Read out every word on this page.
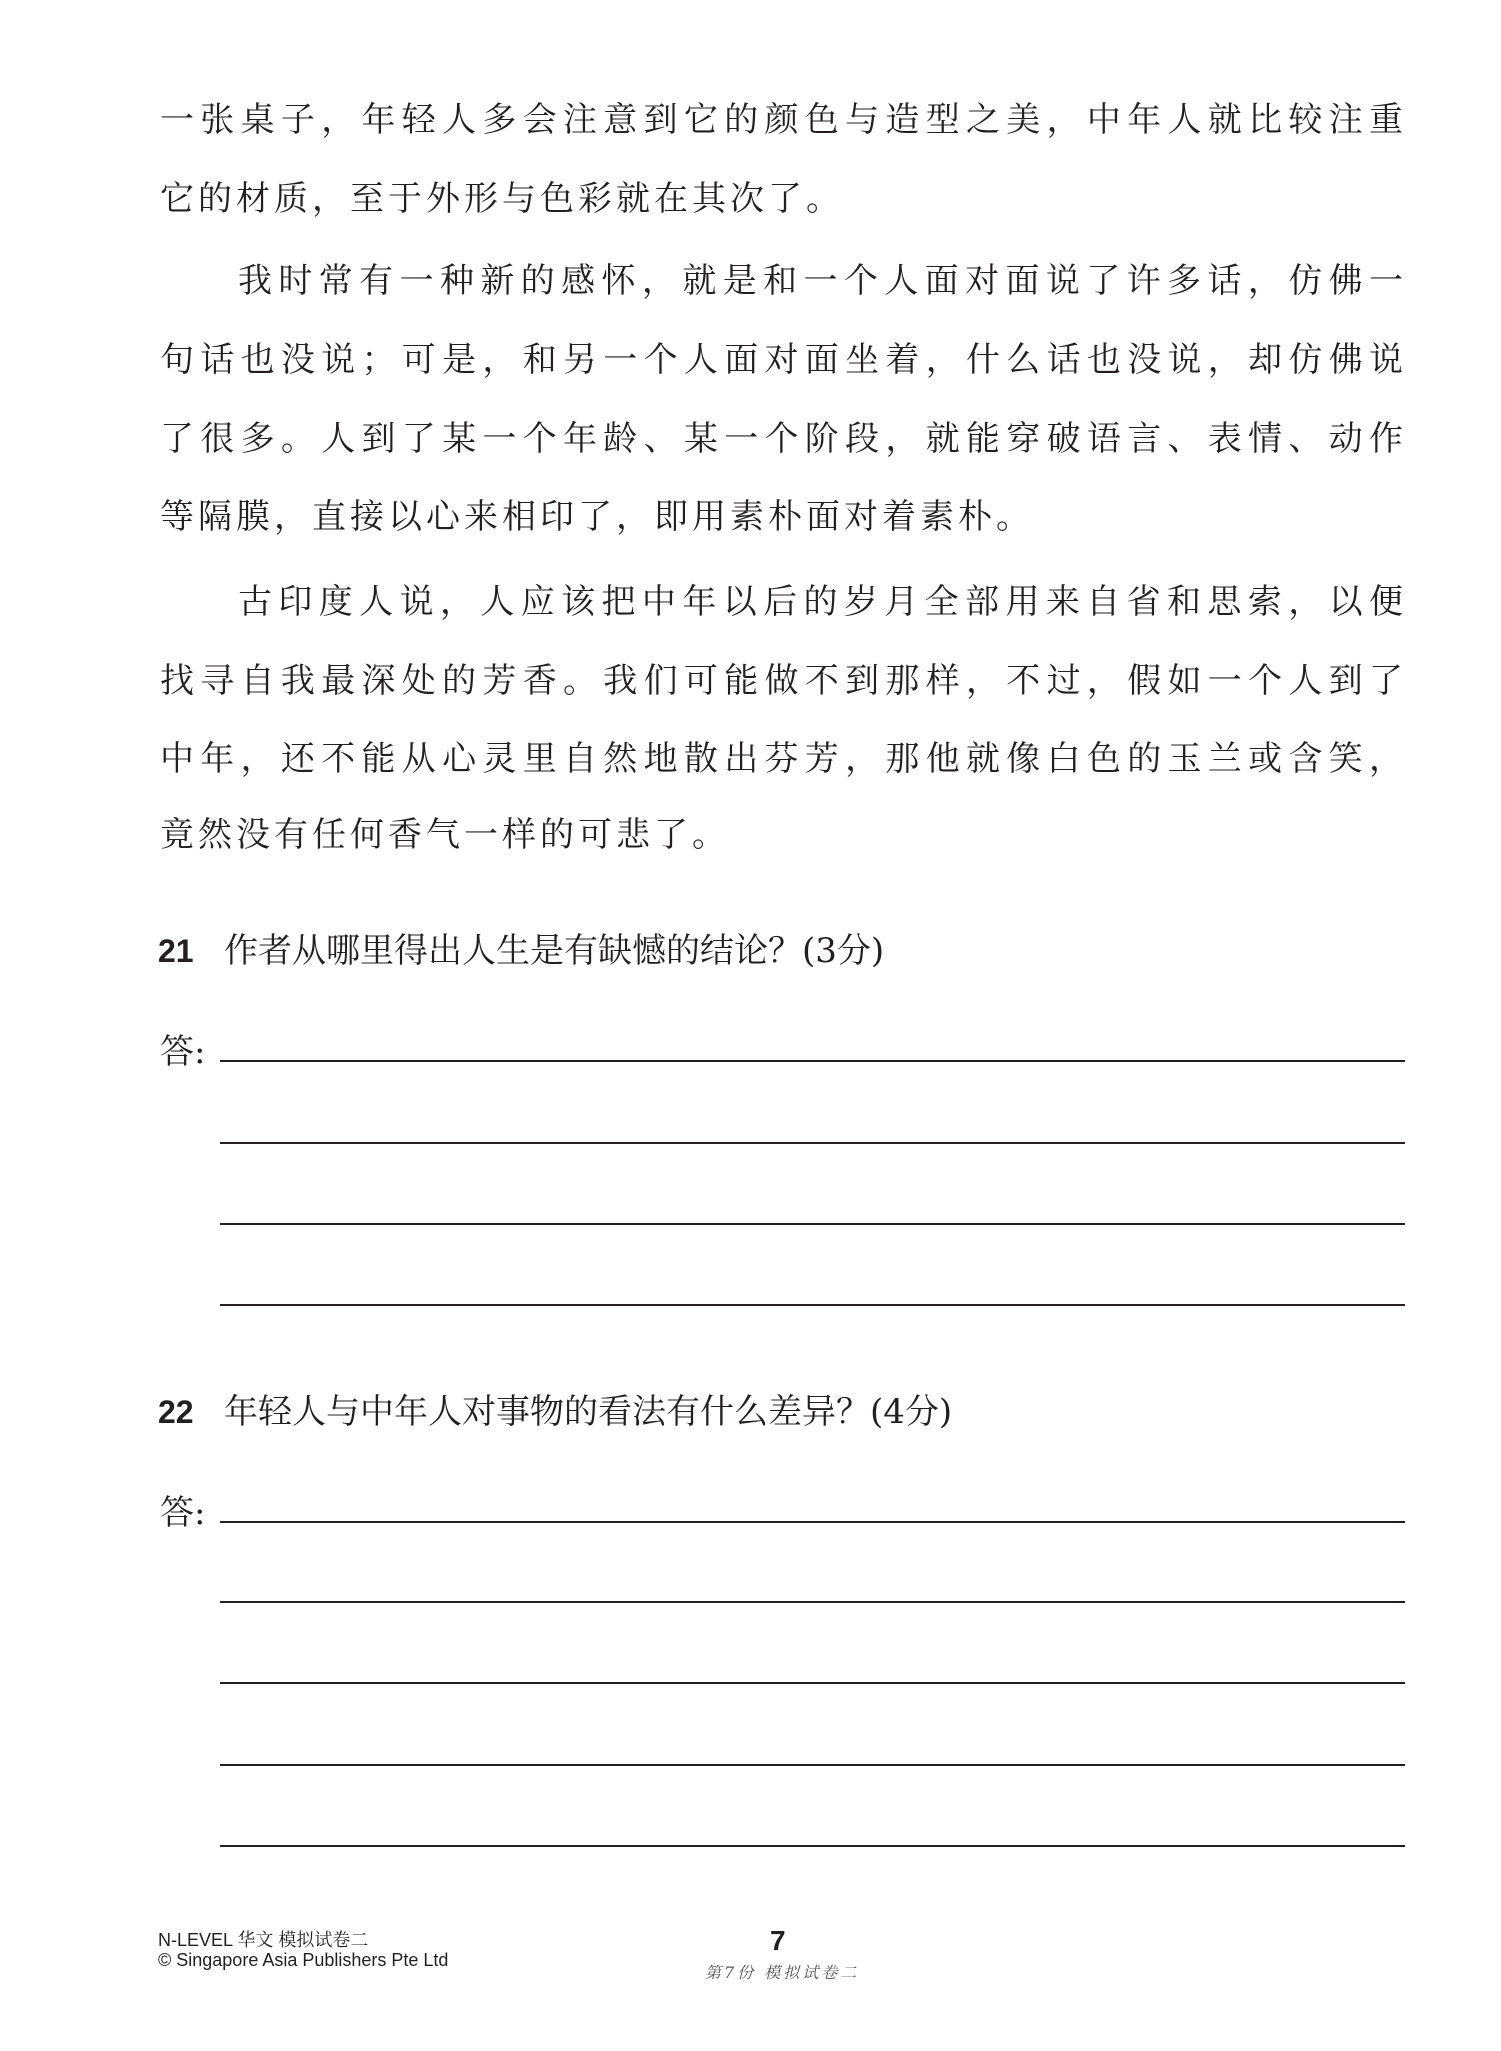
一张桌子，年轻人多会注意到它的颜色与造型之美，中年人就比较注重
它的材质，至于外形与色彩就在其次了。
我时常有一种新的感怀，就是和一个人面对面说了许多话，仿佛一
句话也没说；可是，和另一个人面对面坐着，什么话也没说，却仿佛说
了很多。人到了某一个年龄、某一个阶段，就能穿破语言、表情、动作
等隔膜，直接以心来相印了，即用素朴面对着素朴。
古印度人说，人应该把中年以后的岁月全部用来自省和思索，以便
找寻自我最深处的芳香。我们可能做不到那样，不过，假如一个人到了
中年，还不能从心灵里自然地散出芬芳，那他就像白色的玉兰或含笑，
竟然没有任何香气一样的可悲了。
21 作者从哪里得出人生是有缺憾的结论？(3分)
答:
22 年轻人与中年人对事物的看法有什么差异？(4分)
答:
N-LEVEL 华文 模拟试卷二
© Singapore Asia Publishers Pte Ltd
7
第7份 模拟试卷二
